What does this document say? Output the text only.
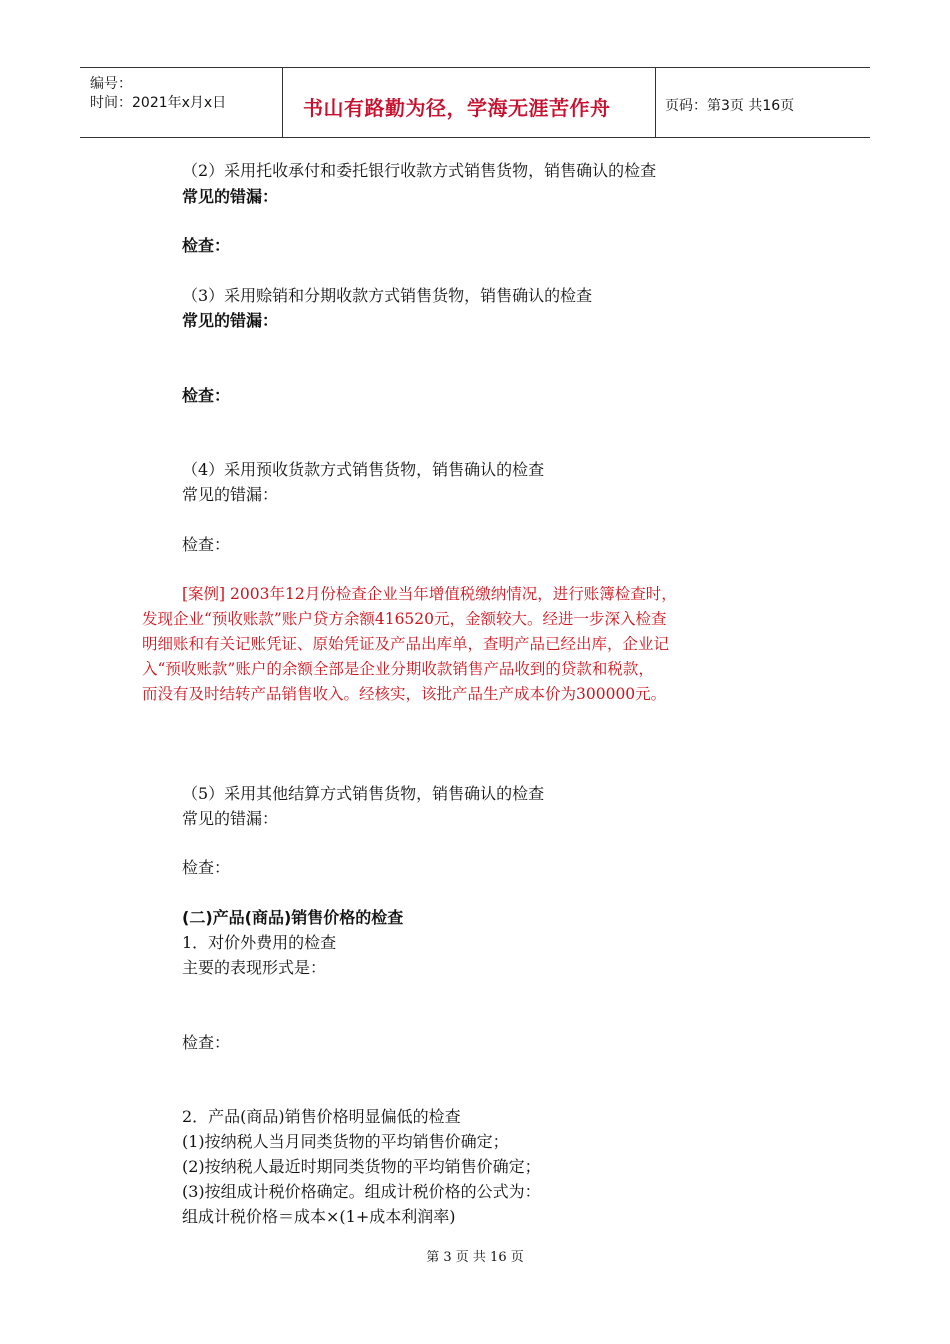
编号：
时间：2021年x月x日	书山有路勤为径，学海无涯苦作舟	页码：第3页 共16页
（2）采用托收承付和委托银行收款方式销售货物，销售确认的检查
常见的错漏：
检查：
（3）采用赊销和分期收款方式销售货物，销售确认的检查
常见的错漏：
检查：
（4）采用预收货款方式销售货物，销售确认的检查
常见的错漏：
检查：
[案例] 2003年12月份检查企业当年增值税缴纳情况，进行账簿检查时，
发现企业“预收账款”账户贷方余额416520元，金额较大。经进一步深入检查
明细账和有关记账凭证、原始凭证及产品出库单，查明产品已经出库，企业记
入“预收账款”账户的余额全部是企业分期收款销售产品收到的贷款和税款，
而没有及时结转产品销售收入。经核实，该批产品生产成本价为300000元。
（5）采用其他结算方式销售货物，销售确认的检查
常见的错漏：
检查：
(二)产品(商品)销售价格的检查
1．对价外费用的检查
主要的表现形式是：
检查：
2．产品(商品)销售价格明显偏低的检查
(1)按纳税人当月同类货物的平均销售价确定；
(2)按纳税人最近时期同类货物的平均销售价确定；
(3)按组成计税价格确定。组成计税价格的公式为：
组成计税价格＝成本×(1+成本利润率)
第 3 页 共 16 页
